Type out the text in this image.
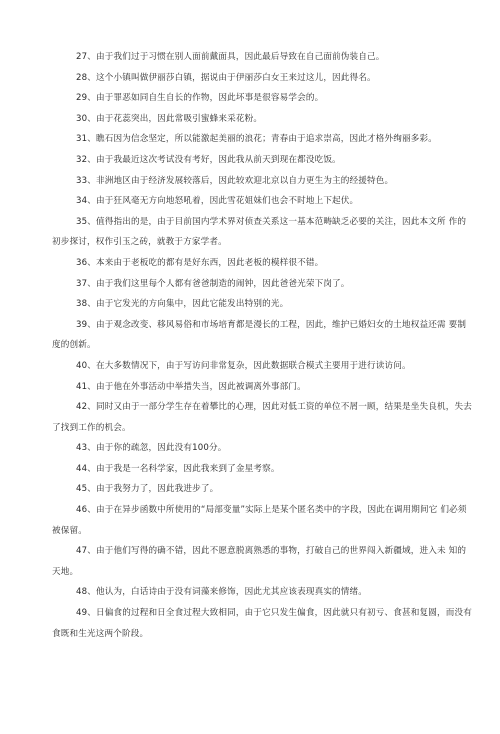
27、由于我们过于习惯在别人面前戴面具，因此最后导致在自己面前伪装自己。

28、这个小镇叫做伊丽莎白镇，据说由于伊丽莎白女王来过这儿，因此得名。

29、由于罪恶如同自生自长的作物，因此坏事是很容易学会的。

30、由于花蕊突出，因此常吸引蜜蜂来采花粉。

31、瞧石因为信念坚定，所以能激起美丽的浪花；青春由于追求崇高，因此才格外绚丽多彩。

32、由于我最近这次考试没有考好，因此我从前天到现在都没吃饭。

33、非洲地区由于经济发展较落后，因此较欢迎北京以自力更生为主的经援特色。

34、由于狂风毫无方向地怒吼着，因此雪花姐妹们也会不时地上下起伏。

35、值得指出的是，由于目前国内学术界对侦查关系这一基本范畴缺乏必要的关注，因此本文所 作的初步探讨，权作引玉之砖，就教于方家学者。

36、本来由于老板吃的都有是好东西，因此老板的模样很不错。

37、由于我们这里每个人都有爸爸制造的闹钟，因此爸爸光荣下岗了。

38、由于它发光的方向集中，因此它能发出特别的光。

39、由于观念改变、移风易俗和市场培育都是漫长的工程，因此，维护已婚妇女的土地权益还需 要制度的创新。

40、在大多数情况下，由于写访问非常复杂，因此数据联合模式主要用于进行读访问。

41、由于他在外事活动中举措失当，因此被调离外事部门。

42、同时又由于一部分学生存在着攀比的心理，因此对低工资的单位不屑一顾，结果是坐失良机，失去了找到工作的机会。

43、由于你的疏忽，因此没有100分。

44、由于我是一名科学家，因此我来到了金星考察。

45、由于我努力了，因此我进步了。

46、由于在异步函数中所使用的“局部变量”实际上是某个匿名类中的字段，因此在调用期间它 们必须被保留。

47、由于他们写得的确不错，因此不愿意脱离熟悉的事物，打破自己的世界闯入新疆域，进入未 知的天地。

48、他认为，白话诗由于没有词藻来修饰，因此尤其应该表现真实的情绪。

49、日偏食的过程和日全食过程大致相同，由于它只发生偏食，因此就只有初亏、食甚和复圆，而没有食既和生光这两个阶段。
